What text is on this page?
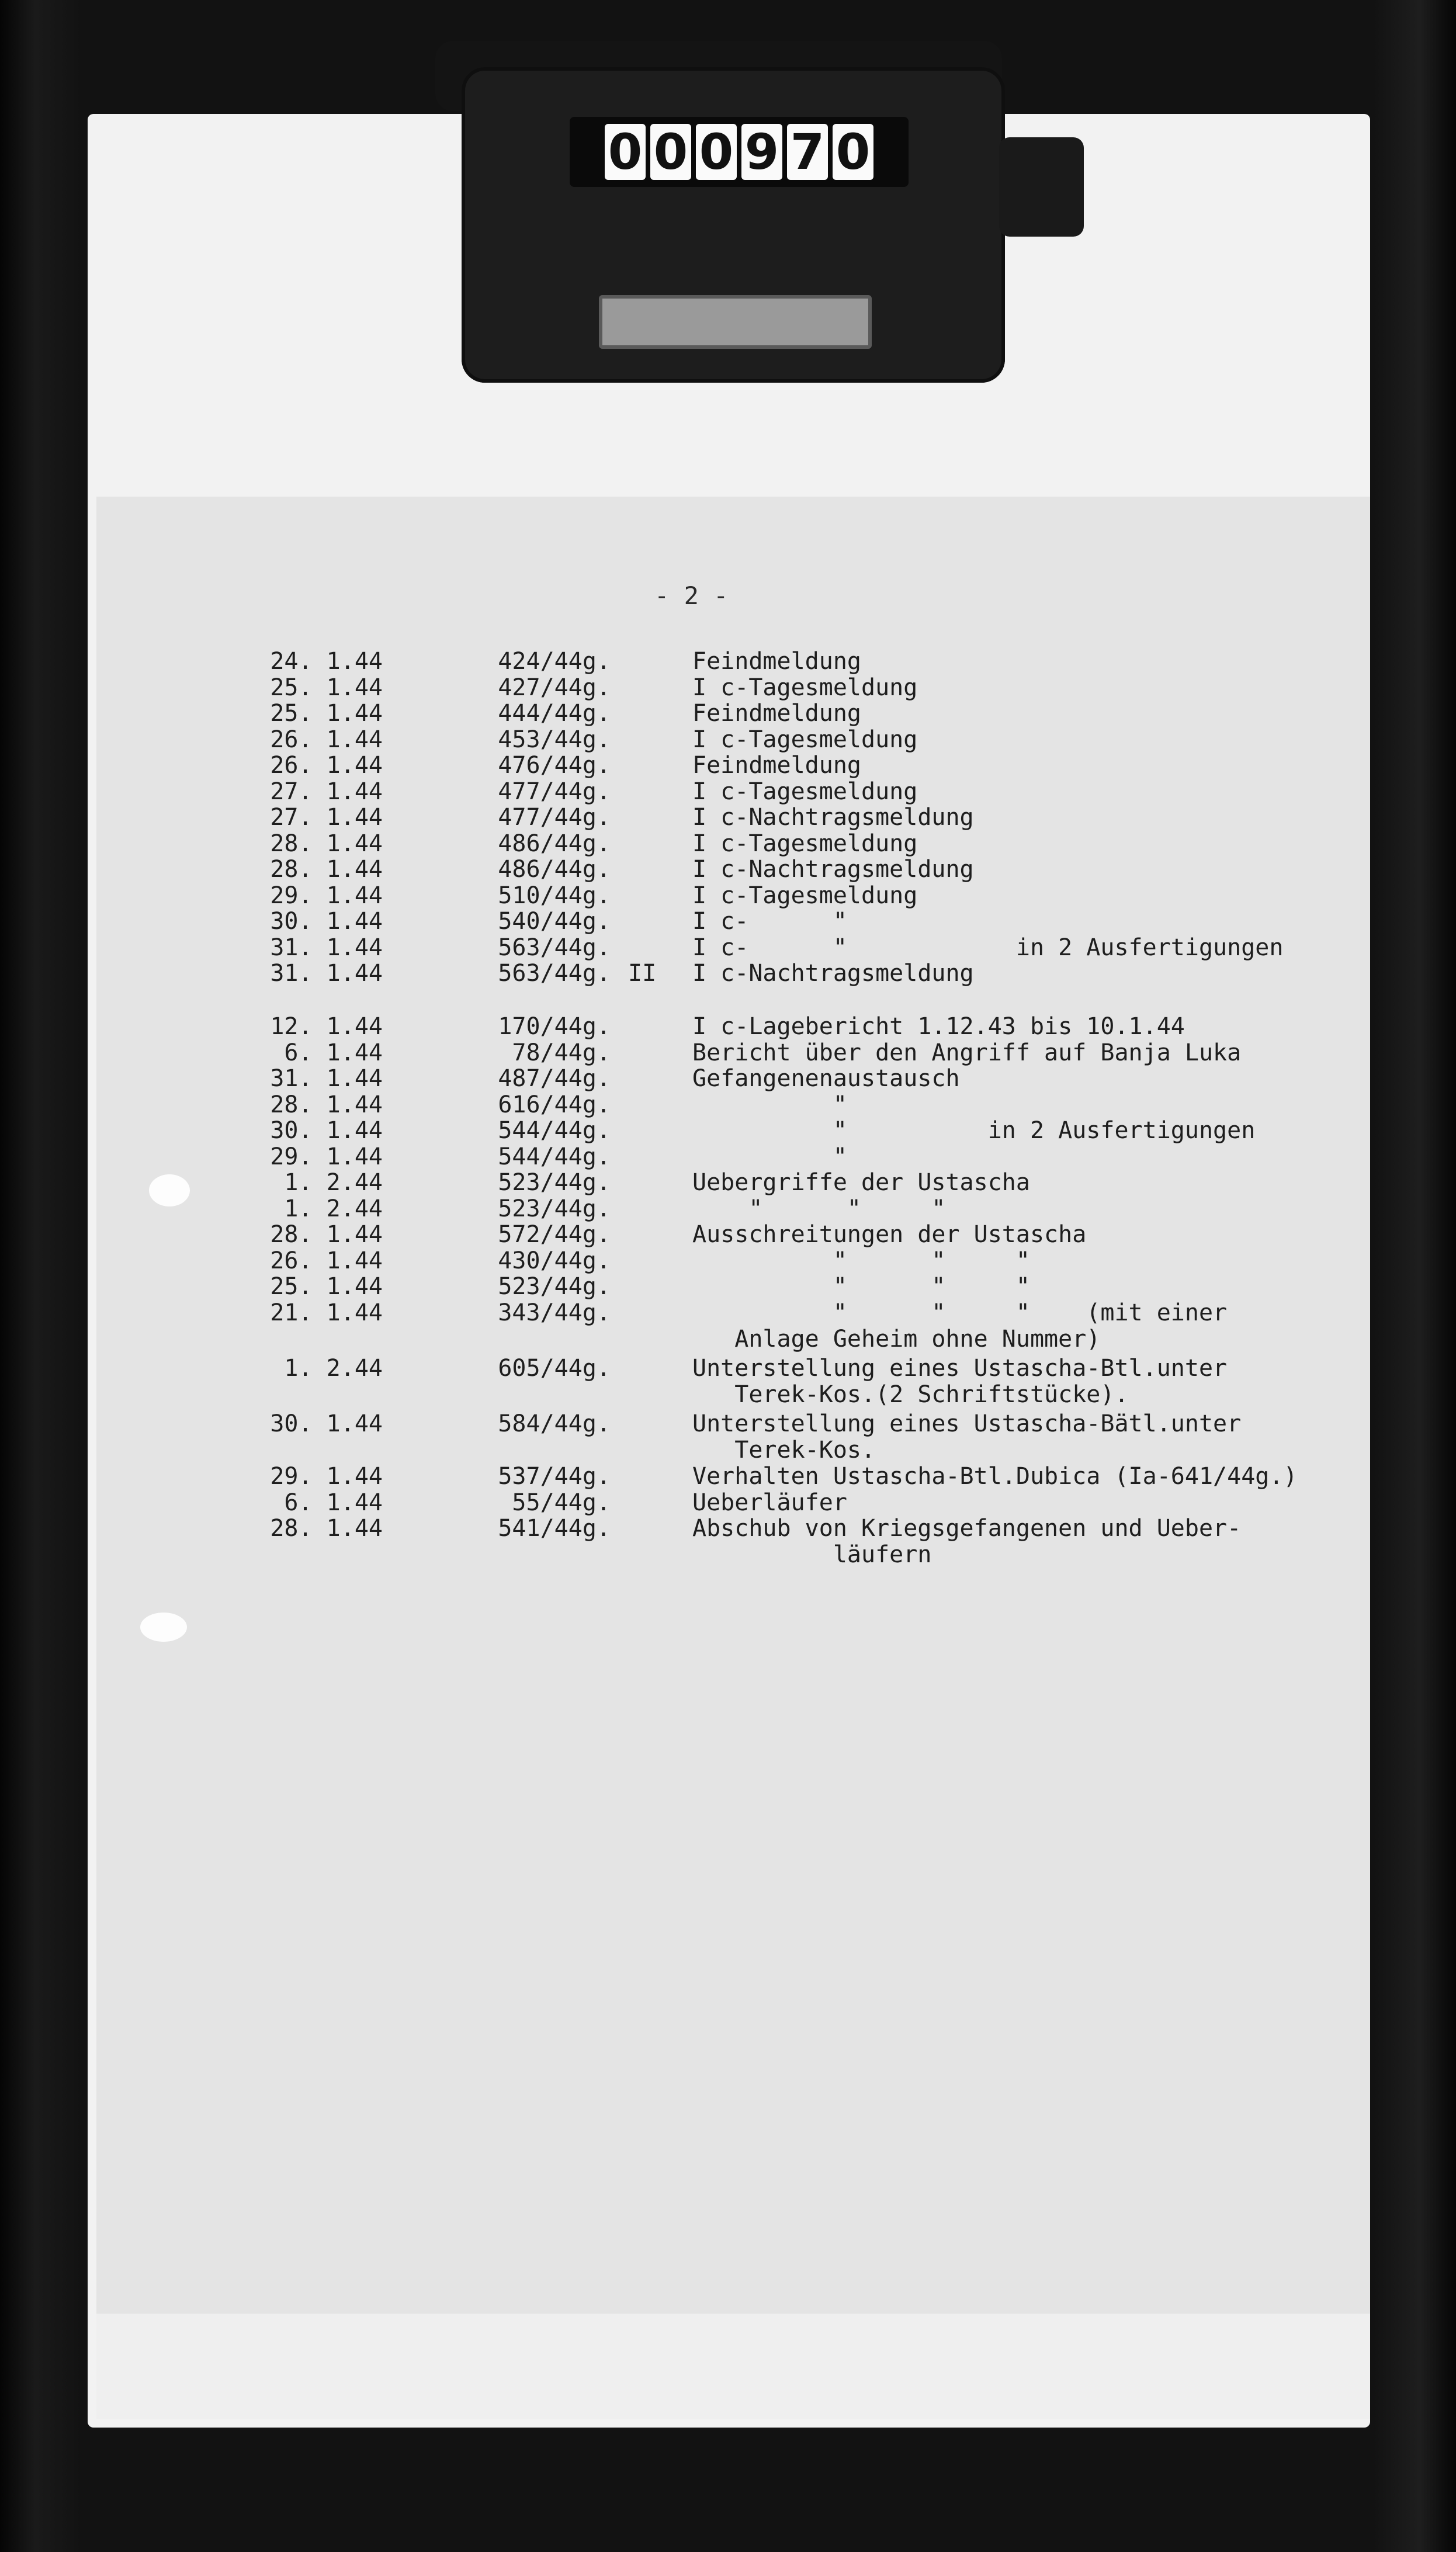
0 0 0 9 7 0
- 2 -
24. 1.44	424/44g.	Feindmeldung
25. 1.44	427/44g.	I c-Tagesmeldung
25. 1.44	444/44g.	Feindmeldung
26. 1.44	453/44g.	I c-Tagesmeldung
26. 1.44	476/44g.	Feindmeldung
27. 1.44	477/44g.	I c-Tagesmeldung
27. 1.44	477/44g.	I c-Nachtragsmeldung
28. 1.44	486/44g.	I c-Tagesmeldung
28. 1.44	486/44g.	I c-Nachtragsmeldung
29. 1.44	510/44g.	I c-Tagesmeldung
30. 1.44	540/44g.	I c-      "
31. 1.44	563/44g.	I c-      "            in 2 Ausfertigungen
31. 1.44	563/44g. II I c-Nachtragsmeldung
12. 1.44	170/44g.	I c-Lagebericht 1.12.43 bis 10.1.44
6. 1.44	78/44g.	Bericht über den Angriff auf Banja Luka
31. 1.44	487/44g.	Gefangenenaustausch
28. 1.44	616/44g.	"
30. 1.44	544/44g.	"          in 2 Ausfertigungen
29. 1.44	544/44g.	"
1. 2.44	523/44g.	Uebergriffe der Ustascha
1. 2.44	523/44g.	"      "     "
28. 1.44	572/44g.	Ausschreitungen der Ustascha
26. 1.44	430/44g.	"      "     "
25. 1.44	523/44g.	"      "     "
21. 1.44	343/44g.	"      "     "    (mit einer
Anlage Geheim ohne Nummer)
1. 2.44	605/44g.	Unterstellung eines Ustascha-Btl.unter
Terek-Kos.(2 Schriftstücke).
30. 1.44	584/44g.	Unterstellung eines Ustascha-Bätl.unter
Terek-Kos.
29. 1.44	537/44g.	Verhalten Ustascha-Btl.Dubica (Ia-641/44g.)
6. 1.44	55/44g.	Ueberläufer
28. 1.44	541/44g.	Abschub von Kriegsgefangenen und Ueber-
läufern
